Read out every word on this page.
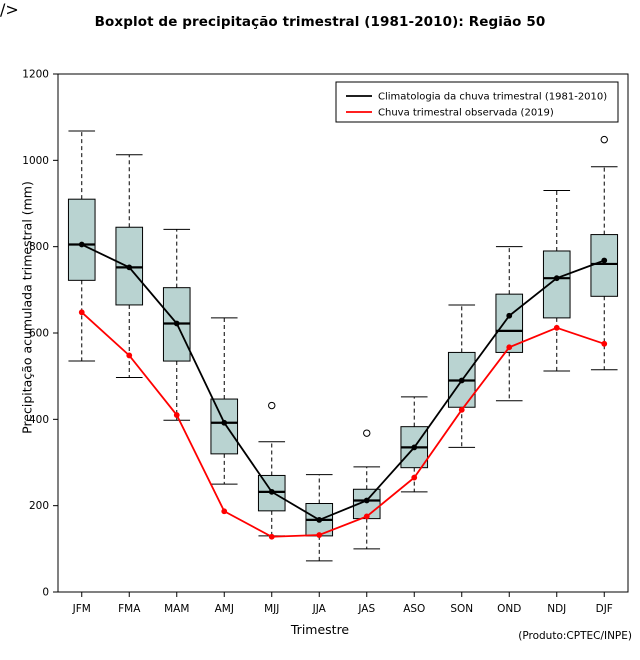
/>
Boxplot de precipitação trimestral (1981-2010): Região 50
Precipitação acumulada trimestral (mm)
Trimestre	(Produto:CPTEC/INPE)
0
200
400
600
800
1000
1200
JFM	FMA MAM AMJ	MJJ	JJA	JAS	ASO SON OND NDJ	DJF
Climatologia da chuva trimestral (1981-2010)
Chuva trimestral observada (2019)
